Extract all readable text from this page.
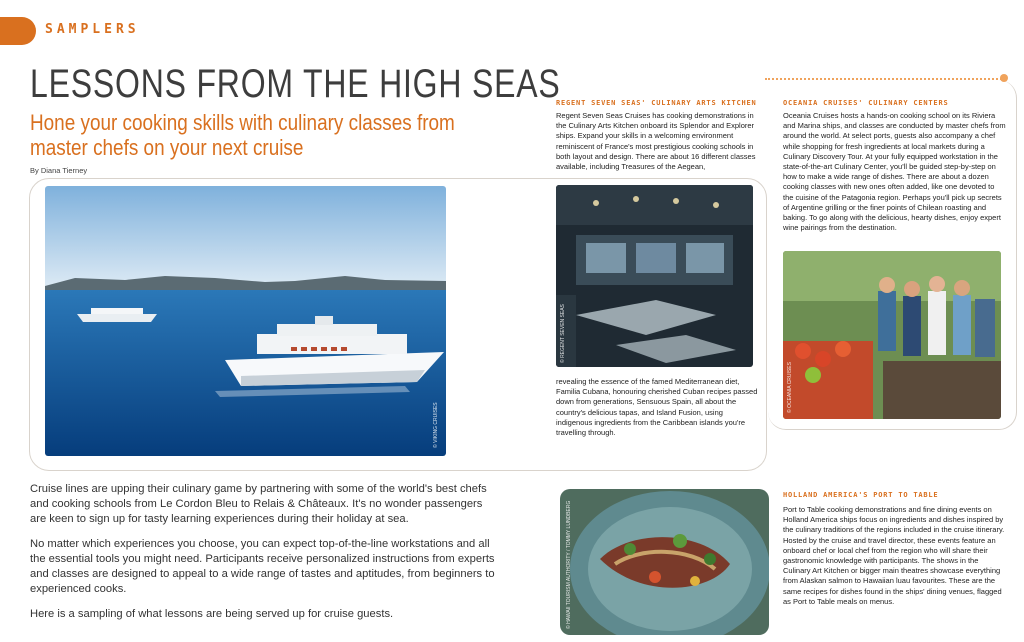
SAMPLERS
LESSONS FROM THE HIGH SEAS
Hone your cooking skills with culinary classes from master chefs on your next cruise
By Diana Tierney
© VIKING CRUISES
REGENT SEVEN SEAS' CULINARY ARTS KITCHEN
Regent Seven Seas Cruises has cooking demonstrations in the Culinary Arts Kitchen onboard its Splendor and Explorer ships. Expand your skills in a welcoming environment reminiscent of France's most prestigious cooking schools in both layout and design. There are about 16 different classes available, including Treasures of the Aegean,
© REGENT SEVEN SEAS
revealing the essence of the famed Mediterranean diet, Familia Cubana, honouring cherished Cuban recipes passed down from generations, Sensuous Spain, all about the country's delicious tapas, and Island Fusion, using indigenous ingredients from the Caribbean islands you're travelling through.
OCEANIA CRUISES' CULINARY CENTERS
Oceania Cruises hosts a hands-on cooking school on its Riviera and Marina ships, and classes are conducted by master chefs from around the world. At select ports, guests also accompany a chef while shopping for fresh ingredients at local markets during a Culinary Discovery Tour. At your fully equipped workstation in the state-of-the-art Culinary Center, you'll be guided step-by-step on how to make a wide range of dishes. There are about a dozen cooking classes with new ones often added, like one devoted to the cuisine of the Patagonia region. Perhaps you'll pick up secrets of Argentine grilling or the finer points of Chilean roasting and baking. To go along with the delicious, hearty dishes, enjoy expert wine pairings from the destination.
© OCEANIA CRUISES

Cruise lines are upping their culinary game by partnering with some of the world's best chefs and cooking schools from Le Cordon Bleu to Relais & Châteaux. It's no wonder passengers are keen to sign up for tasty learning experiences during their holiday at sea.

No matter which experiences you choose, you can expect top-of-the-line workstations and all the essential tools you might need. Participants receive personalized instructions from experts and classes are designed to appeal to a wide range of tastes and aptitudes, from beginners to experienced cooks.

Here is a sampling of what lessons are being served up for cruise guests.	© HAWAII TOURISM AUTHORITY / TOMMY LUNDBERG
HOLLAND AMERICA'S PORT TO TABLE
Port to Table cooking demonstrations and fine dining events on Holland America ships focus on ingredients and dishes inspired by the culinary traditions of the regions included in the cruise itinerary. Hosted by the cruise and travel director, these events feature an onboard chef or local chef from the region who will share their gastronomic knowledge with participants. The shows in the Culinary Art Kitchen or bigger main theatres showcase everything from Alaskan salmon to Hawaiian luau favourites. These are the same recipes for dishes found in the ships' dining venues, flagged as Port to Table meals on menus.
